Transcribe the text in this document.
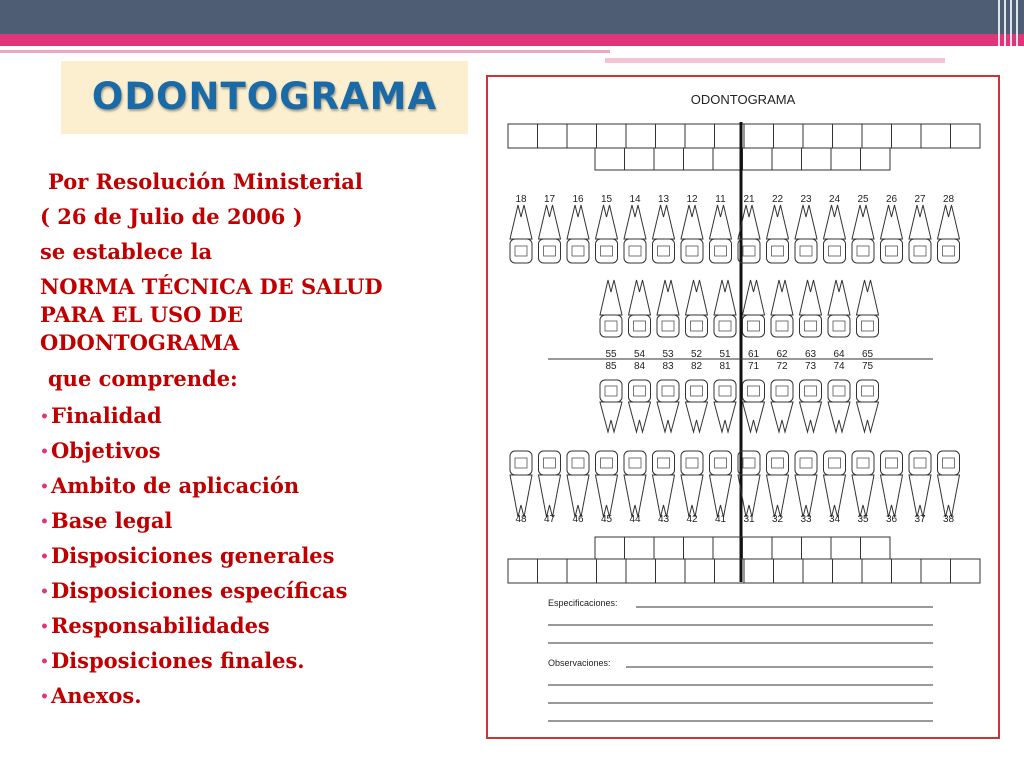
ODONTOGRAMA
Por Resolución Ministerial
( 26 de Julio de 2006 )
se establece la
NORMA TÉCNICA DE SALUD
PARA EL USO DE
ODONTOGRAMA
que comprende:
•Finalidad
•Objetivos
•Ambito de aplicación
•Base legal
•Disposiciones generales
•Disposiciones específicas
•Responsabilidades
•Disposiciones finales.
•Anexos.
ODONTOGRAMA
18 17 16 15 14 13 12 11 21 22 23 24 25 26 27 28
55 54 53 52 51 61 62 63 64 65
85 84 83 82 81 71 72 73 74 75
48 47 46 45 44 43 42 41 31 32 33 34 35 36 37 38
Especificaciones:
Observaciones:
